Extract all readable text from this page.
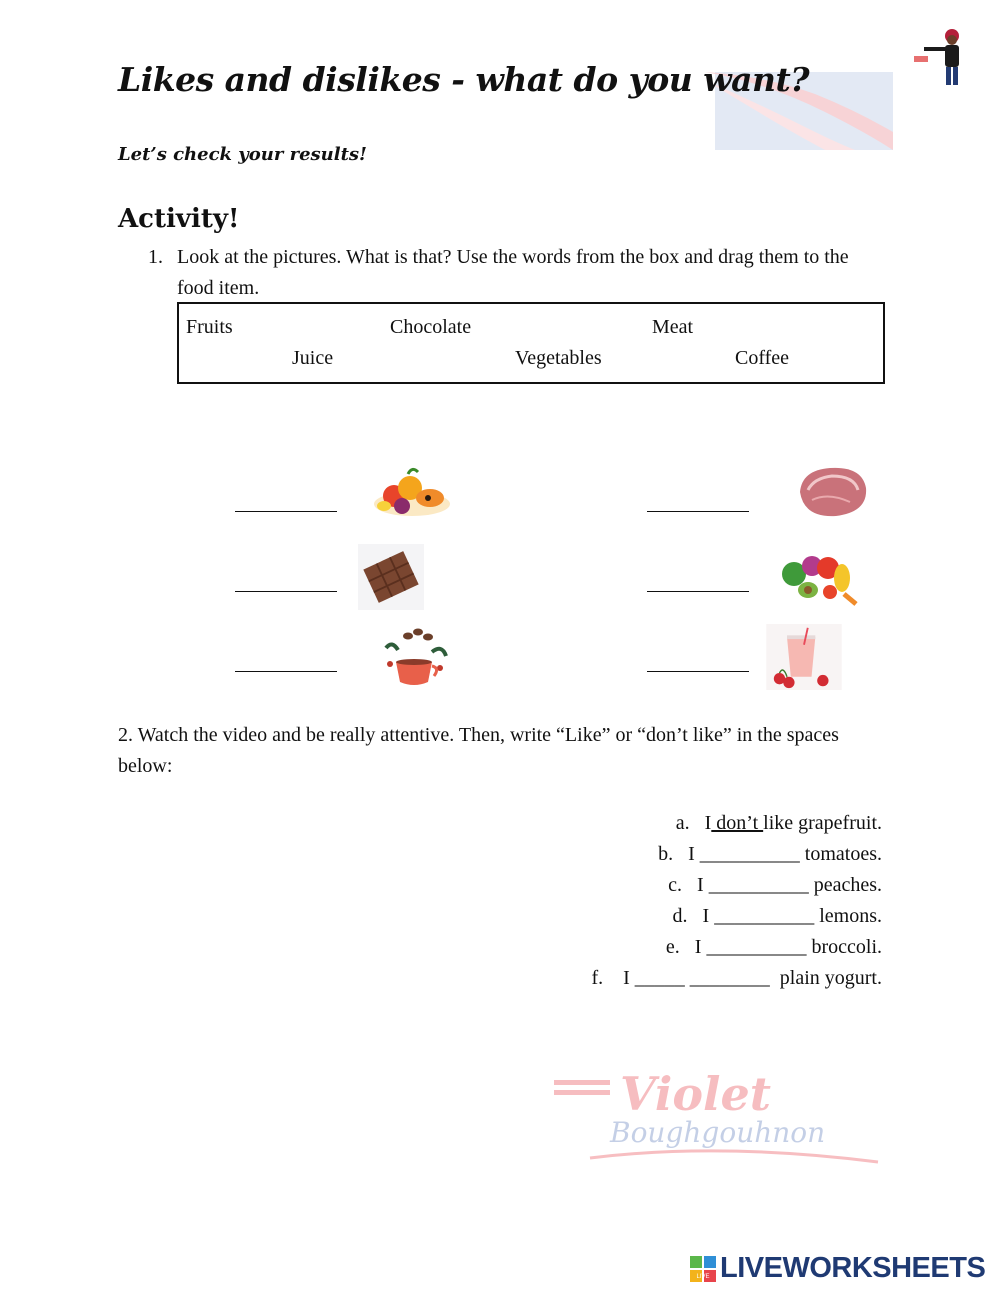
Likes and dislikes - what do you want?
Let’s check your results!
Activity!
1. Look at the pictures. What is that? Use the words from the box and drag them to the food item.
Fruits	Chocolate	Meat
Juice	Vegetables	Coffee
2. Watch the video and be really attentive. Then, write “Like” or “don’t like” in the spaces below:
a. I don’t like grapefruit.
b. I __________ tomatoes.
c. I __________ peaches.
d. I __________ lemons.
e. I __________ broccoli.
f. I _____ ________ plain yogurt.
Violet
Boughgouhnon
LIVE LIVEWORKSHEETS
